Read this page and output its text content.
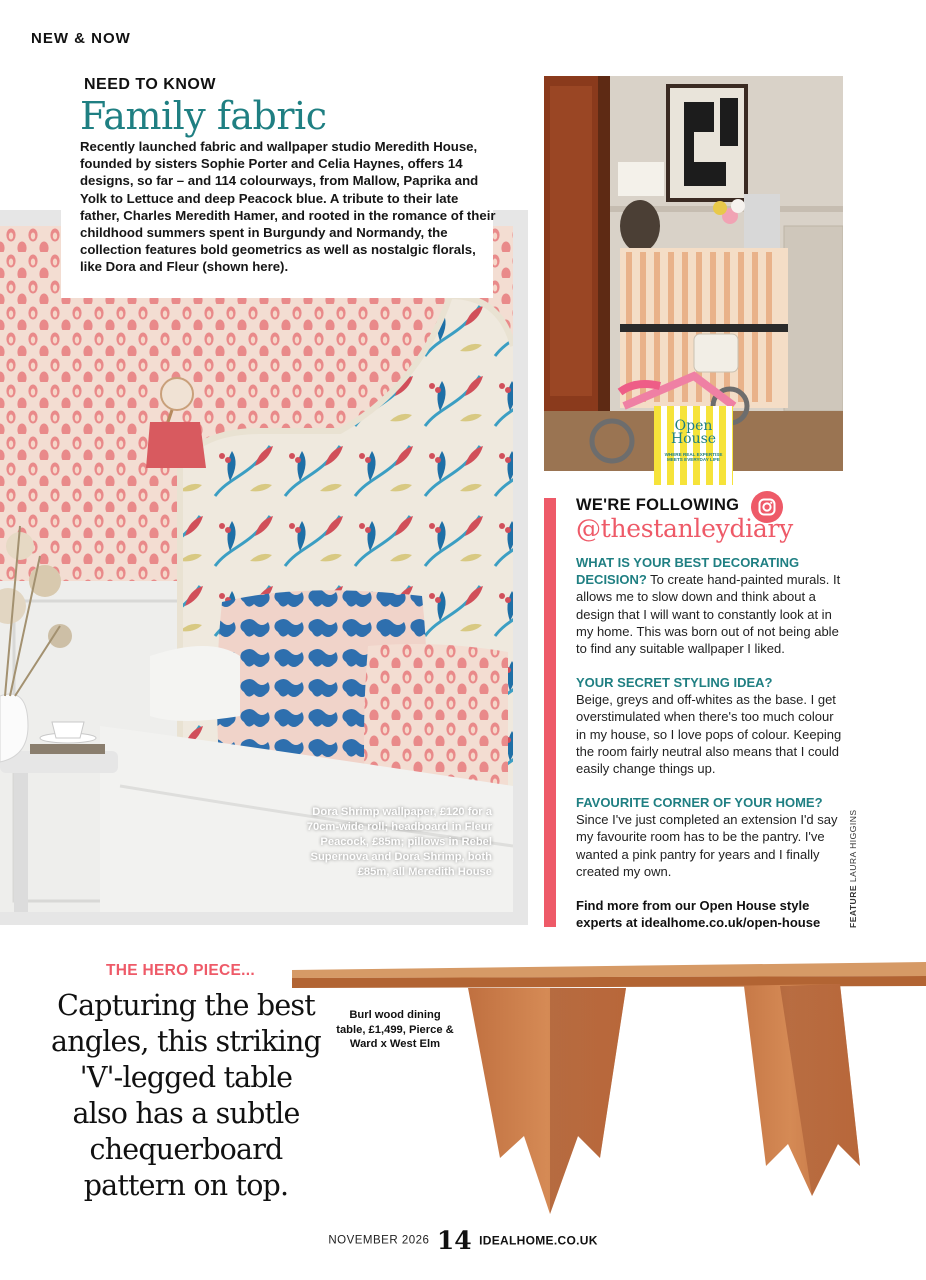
NEW & NOW
NEED TO KNOW
Family fabric
Recently launched fabric and wallpaper studio Meredith House, founded by sisters Sophie Porter and Celia Haynes, offers 14 designs, so far – and 114 colourways, from Mallow, Paprika and Yolk to Lettuce and deep Peacock blue. A tribute to their late father, Charles Meredith Hamer, and rooted in the romance of their childhood summers spent in Burgundy and Normandy, the collection features bold geometrics as well as nostalgic florals, like Dora and Fleur (shown here).
Dora Shrimp wallpaper, £120 for a 70cm-wide roll; headboard in Fleur Peacock, £85m; pillows in Rebel Supernova and Dora Shrimp, both £85m, all Meredith House
Open House
WHERE REAL EXPERTISE MEETS EVERYDAY LIFE
WE'RE FOLLOWING
@thestanleydiary
WHAT IS YOUR BEST DECORATING DECISION? To create hand-painted murals. It allows me to slow down and think about a design that I will want to constantly look at in my home. This was born out of not being able to find any suitable wallpaper I liked.
YOUR SECRET STYLING IDEA?
Beige, greys and off-whites as the base. I get overstimulated when there's too much colour in my house, so I love pops of colour. Keeping the room fairly neutral also means that I could easily change things up.
FAVOURITE CORNER OF YOUR HOME? Since I've just completed an extension I'd say my favourite room has to be the pantry. I've wanted a pink pantry for years and I finally created my own.
Find more from our Open House style experts at idealhome.co.uk/open-house	FEATURE LAURA HIGGINS
THE HERO PIECE...
Capturing the best angles, this striking 'V'-legged table also has a subtle chequerboard pattern on top.
Burl wood dining table, £1,499, Pierce & Ward x West Elm
NOVEMBER 2026 14 IDEALHOME.CO.UK
